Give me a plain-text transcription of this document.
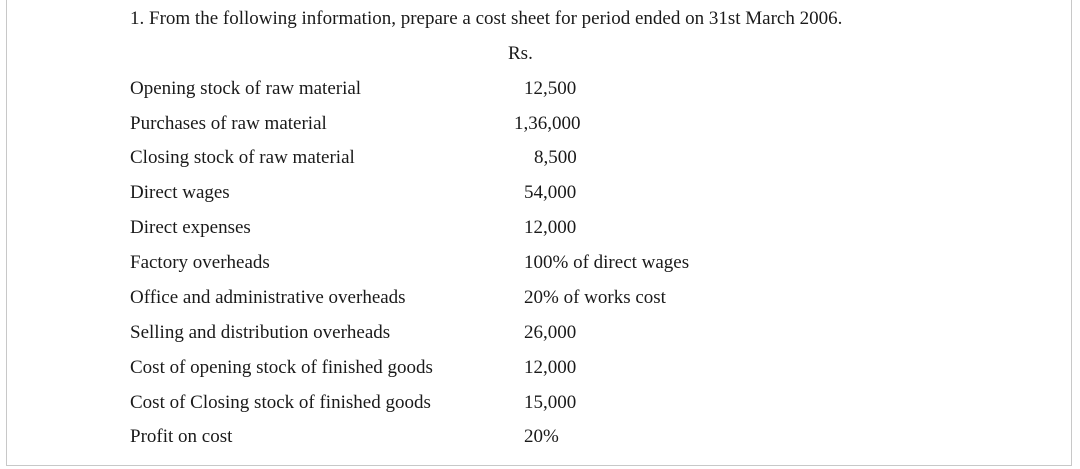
1. From the following information, prepare a cost sheet for period ended on 31st March 2006.
Rs.
Opening stock of raw material	12,500
Purchases of raw material	1,36,000
Closing stock of raw material	8,500
Direct wages	54,000
Direct expenses	12,000
Factory overheads	100% of direct wages
Office and administrative overheads	20% of works cost
Selling and distribution overheads	26,000
Cost of opening stock of finished goods	12,000
Cost of Closing stock of finished goods	15,000
Profit on cost	20%
